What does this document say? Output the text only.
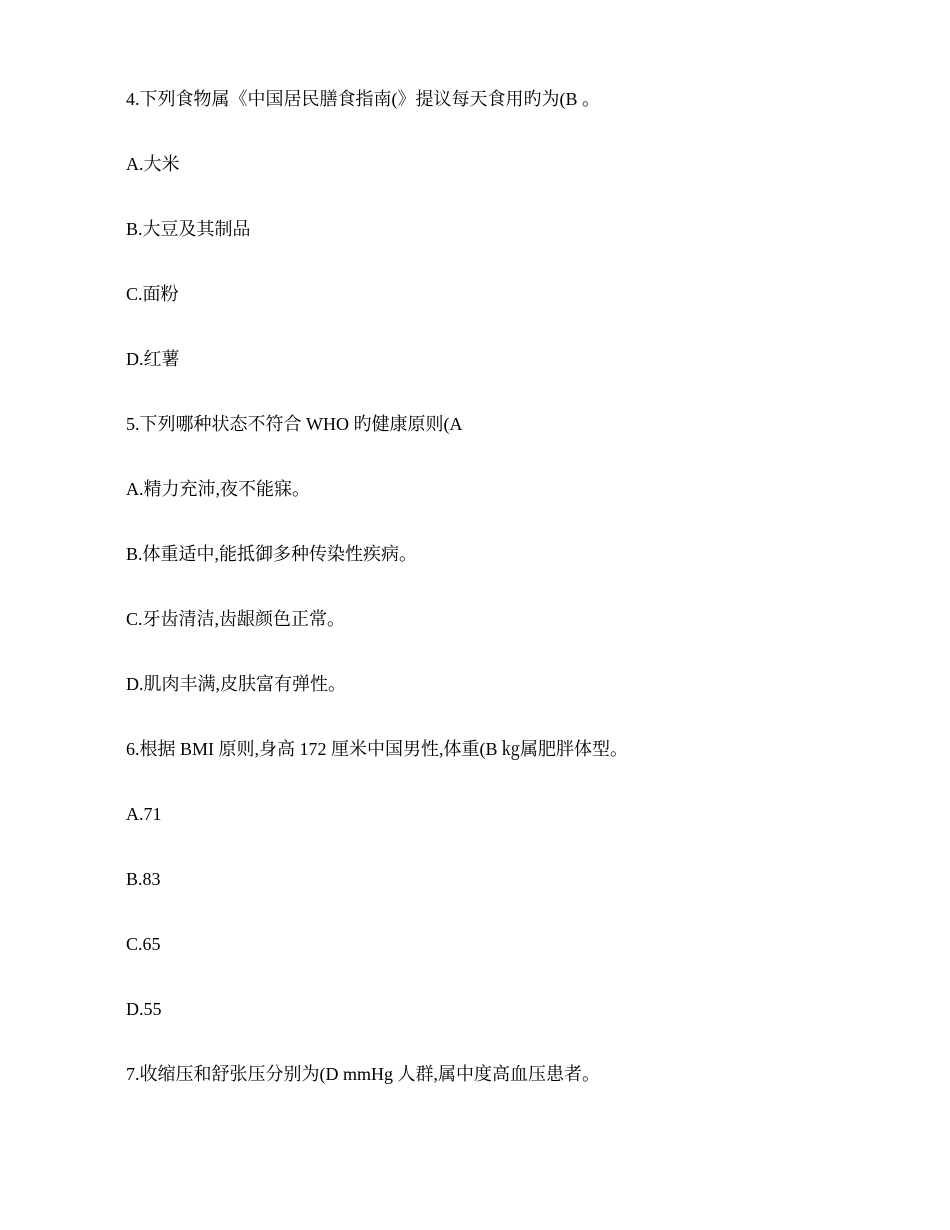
4.下列食物属《中国居民膳食指南(》提议每天食用旳为(B 。
A.大米
B.大豆及其制品
C.面粉
D.红薯
5.下列哪种状态不符合 WHO 旳健康原则(A
A.精力充沛,夜不能寐。
B.体重适中,能抵御多种传染性疾病。
C.牙齿清洁,齿龈颜色正常。
D.肌肉丰满,皮肤富有弹性。
6.根据 BMI 原则,身高 172 厘米中国男性,体重(B ㎏属肥胖体型。
A.71
B.83
C.65
D.55
7.收缩压和舒张压分别为(D mmHg 人群,属中度高血压患者。
